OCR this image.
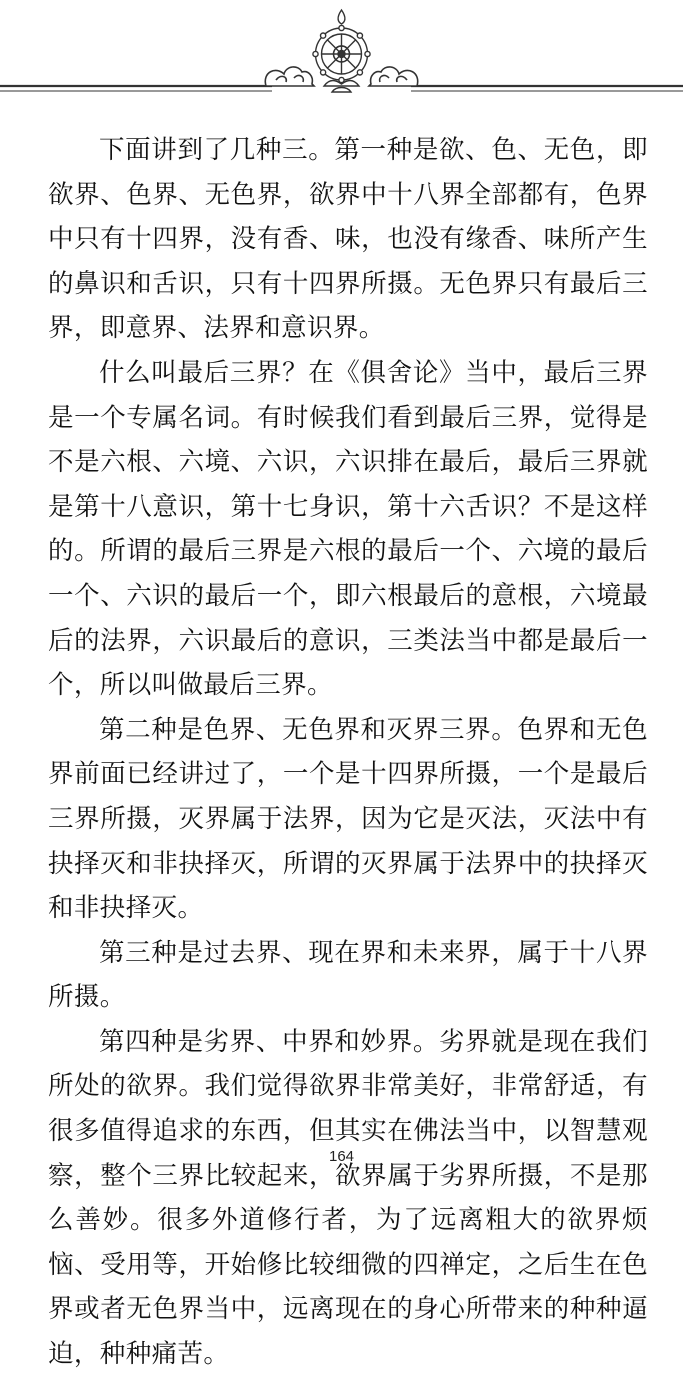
下面讲到了几种三。第一种是欲、色、无色，即欲界、色界、无色界，欲界中十八界全部都有，色界中只有十四界，没有香、味，也没有缘香、味所产生的鼻识和舌识，只有十四界所摄。无色界只有最后三界，即意界、法界和意识界。

什么叫最后三界？在《俱舍论》当中，最后三界是一个专属名词。有时候我们看到最后三界，觉得是不是六根、六境、六识，六识排在最后，最后三界就是第十八意识，第十七身识，第十六舌识？不是这样的。所谓的最后三界是六根的最后一个、六境的最后一个、六识的最后一个，即六根最后的意根，六境最后的法界，六识最后的意识，三类法当中都是最后一个，所以叫做最后三界。

第二种是色界、无色界和灭界三界。色界和无色界前面已经讲过了，一个是十四界所摄，一个是最后三界所摄，灭界属于法界，因为它是灭法，灭法中有抉择灭和非抉择灭，所谓的灭界属于法界中的抉择灭和非抉择灭。

第三种是过去界、现在界和未来界，属于十八界所摄。

第四种是劣界、中界和妙界。劣界就是现在我们所处的欲界。我们觉得欲界非常美好，非常舒适，有很多值得追求的东西，但其实在佛法当中，以智慧观察，整个三界比较起来，欲界属于劣界所摄，不是那么善妙。很多外道修行者，为了远离粗大的欲界烦恼、受用等，开始修比较细微的四禅定，之后生在色界或者无色界当中，远离现在的身心所带来的种种逼迫，种种痛苦。

164
